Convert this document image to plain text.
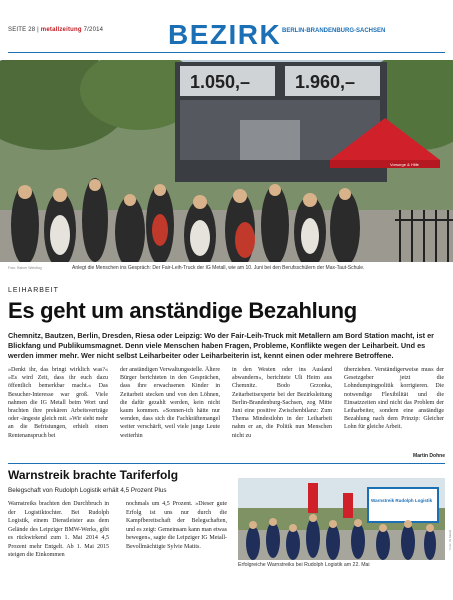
SEITE 28 | metallzeitung 7/2014 BEZIRK BERLIN-BRANDENBURG-SACHSEN
1.050,– 1.960,–
Vorsorge & Hilfe
Foto: Rainer Weisflog	Anlegt die Menschen ins Gespräch: Der Fair-Leih-Truck der IG Metall, wie am 10. Juni bei den Berufsschülern der Max-Taut-Schule.
LEIHARBEIT
Es geht um anständige Bezahlung
Chemnitz, Bautzen, Berlin, Dresden, Riesa oder Leipzig: Wo der Fair-Leih-Truck mit Metallern am Bord Station macht, ist er Blickfang und Publikumsmagnet. Denn viele Menschen haben Fragen, Probleme, Konflikte wegen der Leiharbeit. Und es werden immer mehr. Wer nicht selbst Leiharbeiter oder Leiharbeiterin ist, kennt einen oder mehrere Betroffene.
»Denkt ihr, das bringt wirklich was?« »Es wird Zeit, dass ihr euch dazu öffentlich bemerkbar macht.« Das Besucher-Interesse war groß. Viele nahmen die IG Metall beim Wort und brachten ihre prekären Arbeitsverträge oder -ängeste gleich mit. »Wir sieht mehr an die Befristungen, erhielt einen Rentenanspruch bei
der anständigen Verwaltungsstelle. Ältere Bürger berichteten in den Gesprächen, dass ihre erwachsenen Kinder in Zeitarbeit stecken und von den Löhnen, die dafür gezahlt werden, kein nicht kaum kommen. »Sonnen-ich hätte nur wenden, dass sich die Fachkräftemangel weiter verschärft, weil viele junge Leute weiterhin
in den Westen oder ins Ausland abwandern«, berichtete Uli Heim aus Chemnitz. Bodo Grzonka, Zeitarbeitsexperte bei der Bezirksleitung Berlin-Brandenburg-Sachsen, zog Mitte Juni eine positive Zwischenbilanz: Zum Thema Mindestlohn in der Leiharbeit nahm er an, die Politik nun Menschen nicht zu
überziehen. Verständigerweise muss der Gesetzgeber jetzt die Lohndumpingpolitik korrigieren. Die notwendige Flexibilität und die Einsatzzeiten sind nicht das Problem der Leiharbeiter, sondern eine anständige Bezahlung nach dem Prinzip: Gleicher Lohn für gleiche Arbeit.
Martin Dohne
Warnstreik brachte Tariferfolg
Belegschaft von Rudolph Logistik erhält 4,5 Prozent Plus
Warnstreiks brachten den Durchbruch in der Logistiktochter. Bei Rudolph Logistik, einem Dienstleister aus dem Gelände des Leipziger BMW-Werks, gibt es rückwirkend zum 1. Mai 2014 4,5 Prozent mehr Entgelt. Ab 1. Mai 2015 steigen die Einkommen
nochmals um 4,5 Prozent. »Dieser gute Erfolg ist uns nur durch die Kampfbereitschaft der Belegschaften, und es zeigt: Gemeinsam kann man etwas bewegen«, sagte die Leipziger IG Metall-Bevollmächtigte Sylvie Matits.
Warnstreik Rudolph Logistik
Foto: IG Metall
Erfolgreiche Warnstreiks bei Rudolph Logistik am 22. Mai
